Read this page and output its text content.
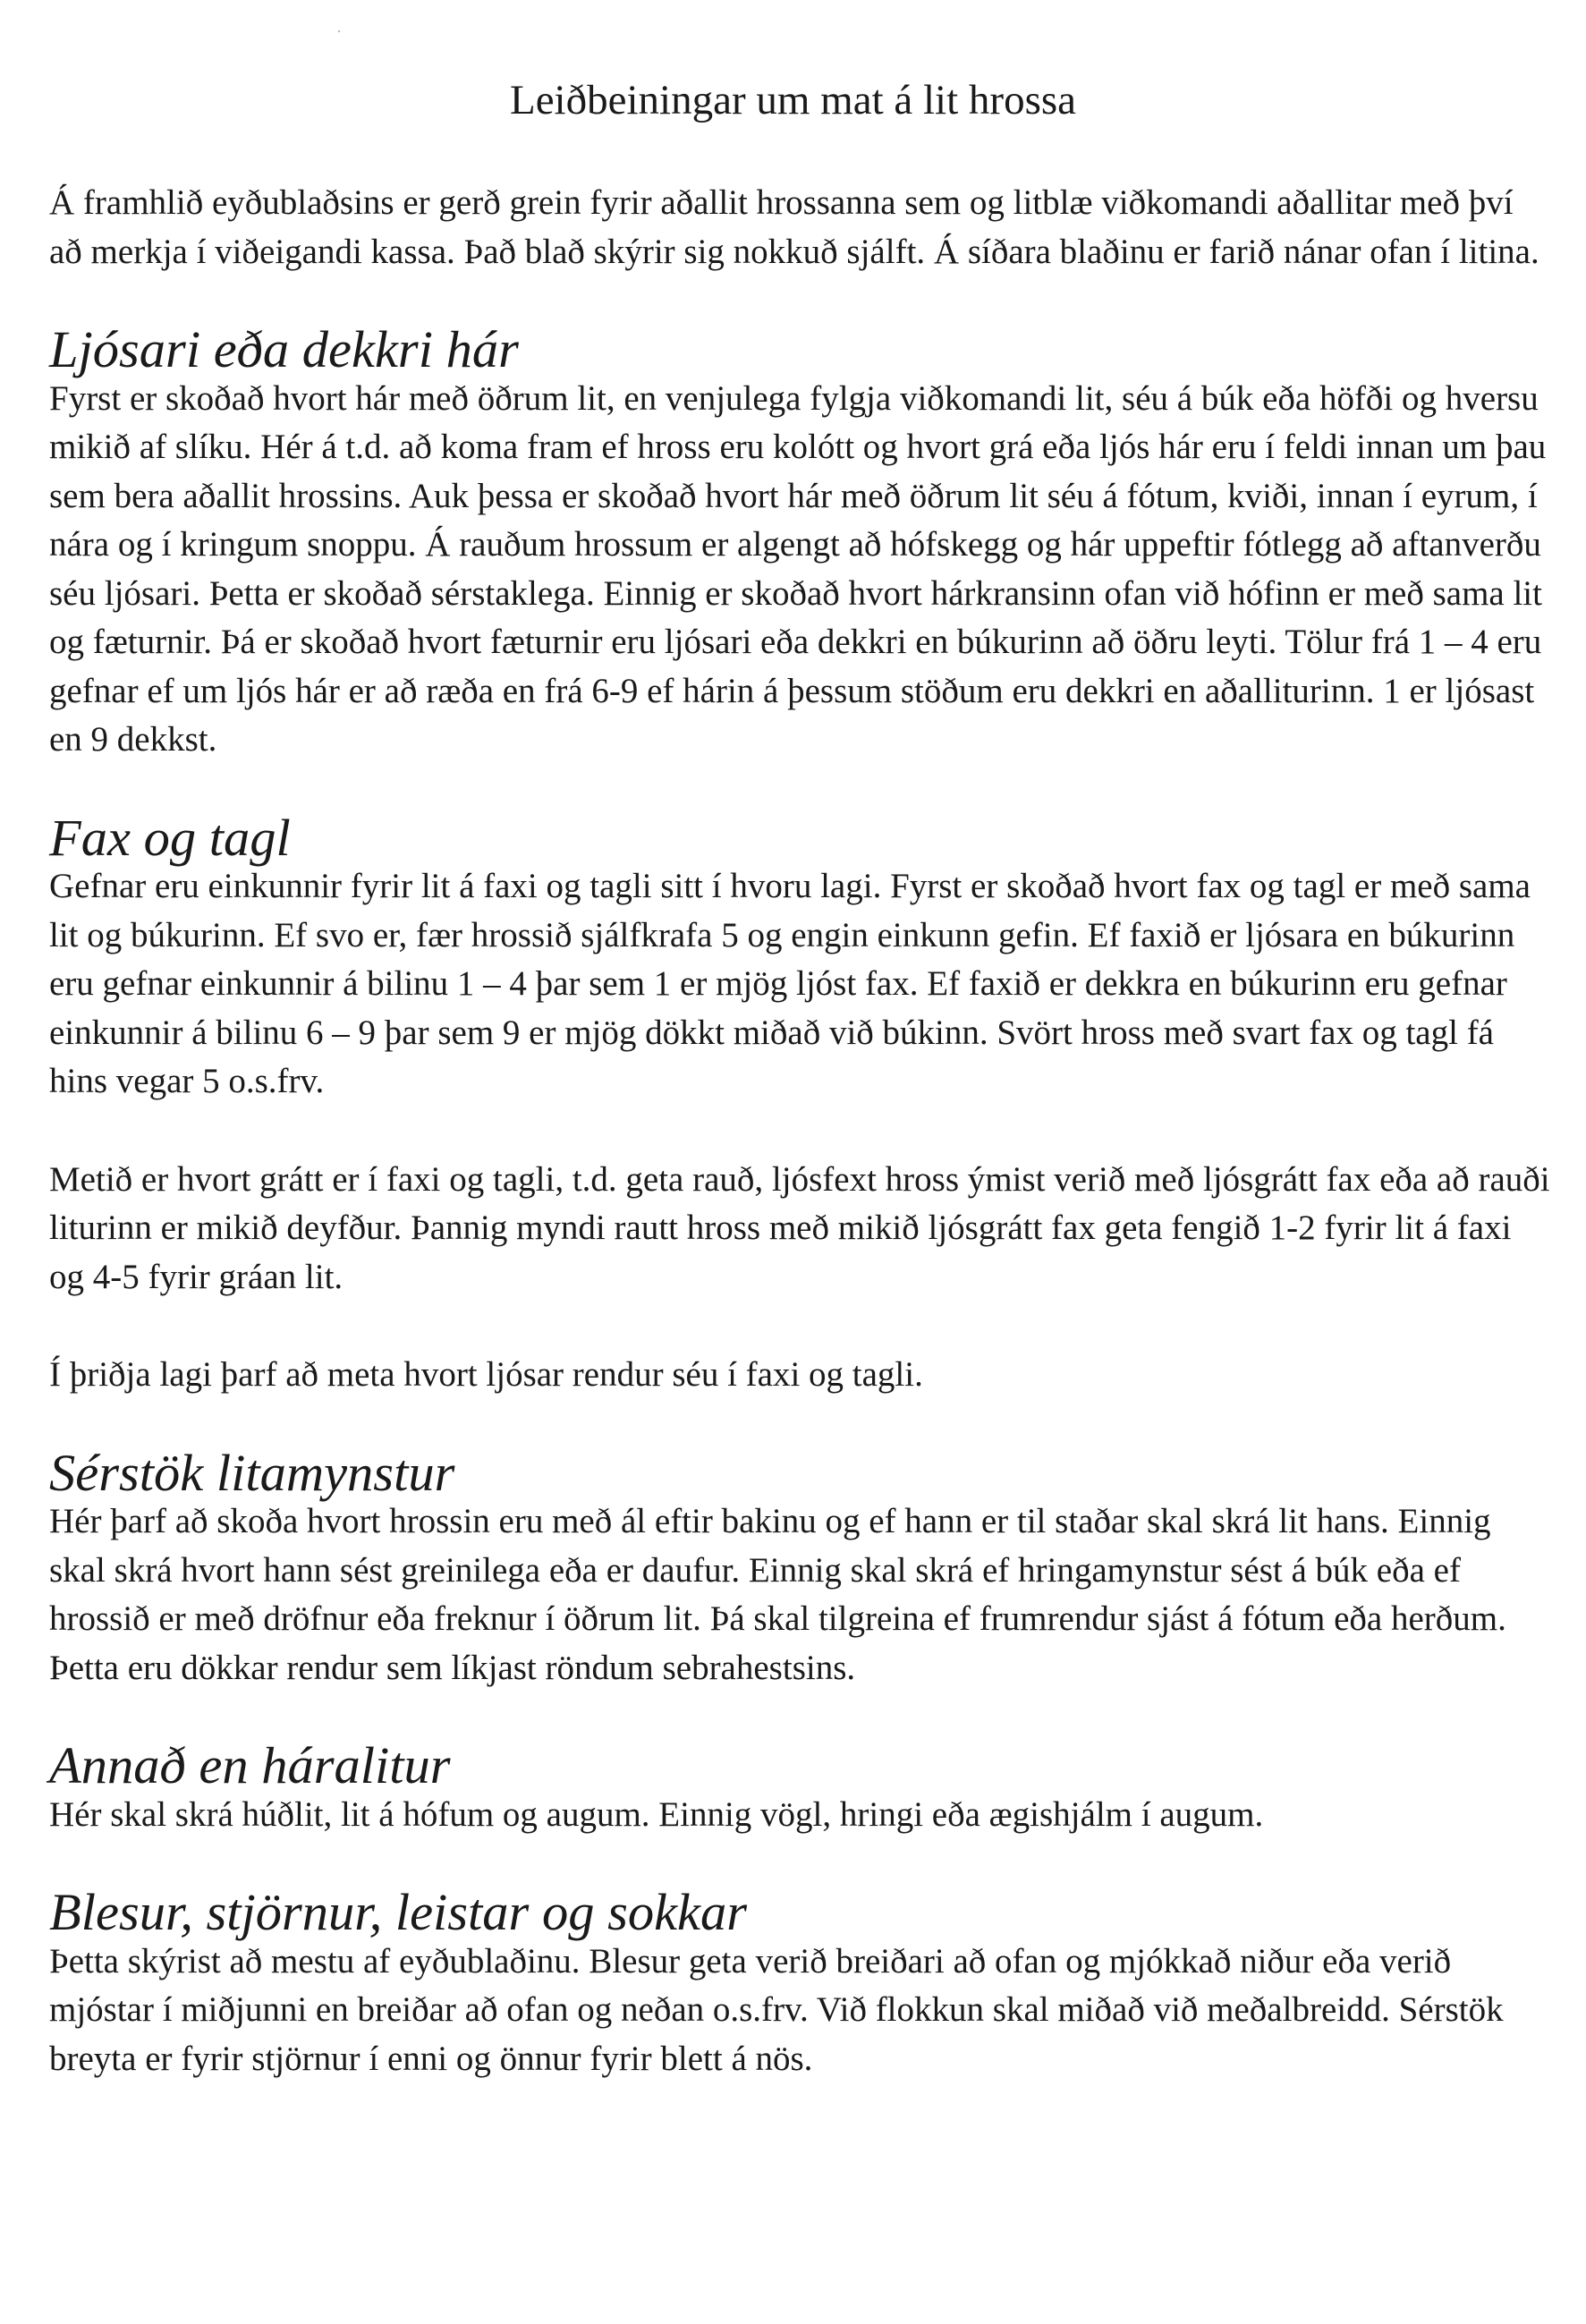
Leiðbeiningar um mat á lit hrossa

Á framhlið eyðublaðsins er gerð grein fyrir aðallit hrossanna sem og litblæ viðkomandi aðallitar með því að merkja í viðeigandi kassa. Það blað skýrir sig nokkuð sjálft. Á síðara blaðinu er farið nánar ofan í litina.

Ljósari eða dekkri hár

Fyrst er skoðað hvort hár með öðrum lit, en venjulega fylgja viðkomandi lit, séu á búk eða höfði og hversu mikið af slíku. Hér á t.d. að koma fram ef hross eru kolótt og hvort grá eða ljós hár eru í feldi innan um þau sem bera aðallit hrossins. Auk þessa er skoðað hvort hár með öðrum lit séu á fótum, kviði, innan í eyrum, í nára og í kringum snoppu. Á rauðum hrossum er algengt að hófskegg og hár uppeftir fótlegg að aftanverðu séu ljósari. Þetta er skoðað sérstaklega. Einnig er skoðað hvort hárkransinn ofan við hófinn er með sama lit og fæturnir. Þá er skoðað hvort fæturnir eru ljósari eða dekkri en búkurinn að öðru leyti. Tölur frá 1 – 4 eru gefnar ef um ljós hár er að ræða en frá 6-9 ef hárin á þessum stöðum eru dekkri en aðalliturinn. 1 er ljósast en 9 dekkst.

Fax og tagl

Gefnar eru einkunnir fyrir lit á faxi og tagli sitt í hvoru lagi. Fyrst er skoðað hvort fax og tagl er með sama lit og búkurinn. Ef svo er, fær hrossið sjálfkrafa 5 og engin einkunn gefin. Ef faxið er ljósara en búkurinn eru gefnar einkunnir á bilinu 1 – 4 þar sem 1 er mjög ljóst fax. Ef faxið er dekkra en búkurinn eru gefnar einkunnir á bilinu 6 – 9 þar sem 9 er mjög dökkt miðað við búkinn. Svört hross með svart fax og tagl fá hins vegar 5 o.s.frv.

Metið er hvort grátt er í faxi og tagli, t.d. geta rauð, ljósfext hross ýmist verið með ljósgrátt fax eða að rauði liturinn er mikið deyfður. Þannig myndi rautt hross með mikið ljósgrátt fax geta fengið 1-2 fyrir lit á faxi og 4-5 fyrir gráan lit.

Í þriðja lagi þarf að meta hvort ljósar rendur séu í faxi og tagli.

Sérstök litamynstur

Hér þarf að skoða hvort hrossin eru með ál eftir bakinu og ef hann er til staðar skal skrá lit hans. Einnig skal skrá hvort hann sést greinilega eða er daufur. Einnig skal skrá ef hringamynstur sést á búk eða ef hrossið er með dröfnur eða freknur í öðrum lit. Þá skal tilgreina ef frumrendur sjást á fótum eða herðum. Þetta eru dökkar rendur sem líkjast röndum sebrahestsins.

Annað en háralitur

Hér skal skrá húðlit, lit á hófum og augum. Einnig vögl, hringi eða ægishjálm í augum.

Blesur, stjörnur, leistar og sokkar

Þetta skýrist að mestu af eyðublaðinu. Blesur geta verið breiðari að ofan og mjókkað niður eða verið mjóstar í miðjunni en breiðar að ofan og neðan o.s.frv. Við flokkun skal miðað við meðalbreidd. Sérstök breyta er fyrir stjörnur í enni og önnur fyrir blett á nös.
